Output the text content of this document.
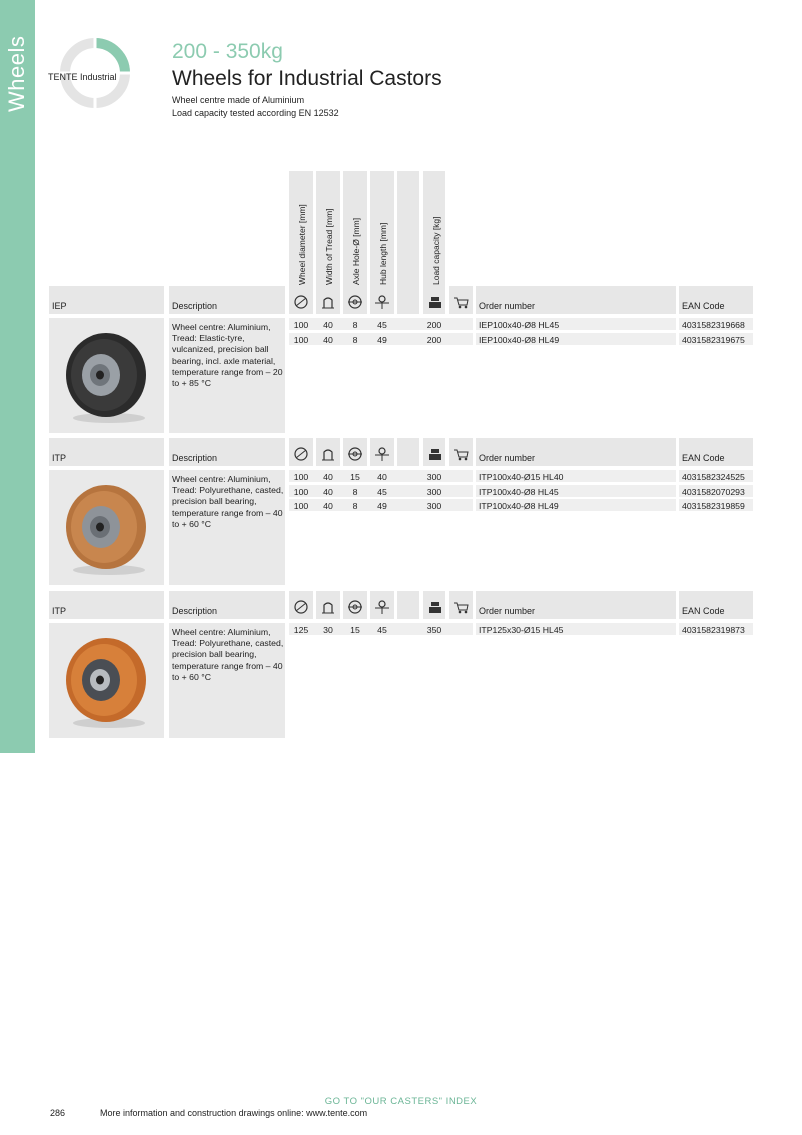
Wheels TENTE Industrial
200 - 350kg
Wheels for Industrial Castors
Wheel centre made of Aluminium
Load capacity tested according EN 12532
Wheel diameter [mm] Width of Tread [mm] Axle Hole-Ø [mm] Hub length [mm]	Load capacity [kg]
IEP	Description	Order number	EAN Code
Wheel centre: Aluminium, Tread: Elastic-tyre, vulcanized, precision ball bearing, incl. axle material, temperature range from – 20 to + 85 °C
100	40	8	45	200	IEP100x40-Ø8 HL45	4031582319668
100	40	8	49	200	IEP100x40-Ø8 HL49	4031582319675
ITP	Description	Order number	EAN Code
Wheel centre: Aluminium, Tread: Polyurethane, casted, precision ball bearing, temperature range from – 40 to + 60 °C
100	40	15	40	300	ITP100x40-Ø15 HL40	4031582324525
100	40	8	45	300	ITP100x40-Ø8 HL45	4031582070293
100	40	8	49	300	ITP100x40-Ø8 HL49	4031582319859
ITP	Description	Order number	EAN Code
Wheel centre: Aluminium, Tread: Polyurethane, casted, precision ball bearing, temperature range from – 40 to + 60 °C
125	30	15	45	350	ITP125x30-Ø15 HL45	4031582319873
GO TO "OUR CASTERS" INDEX
286	More information and construction drawings online: www.tente.com
